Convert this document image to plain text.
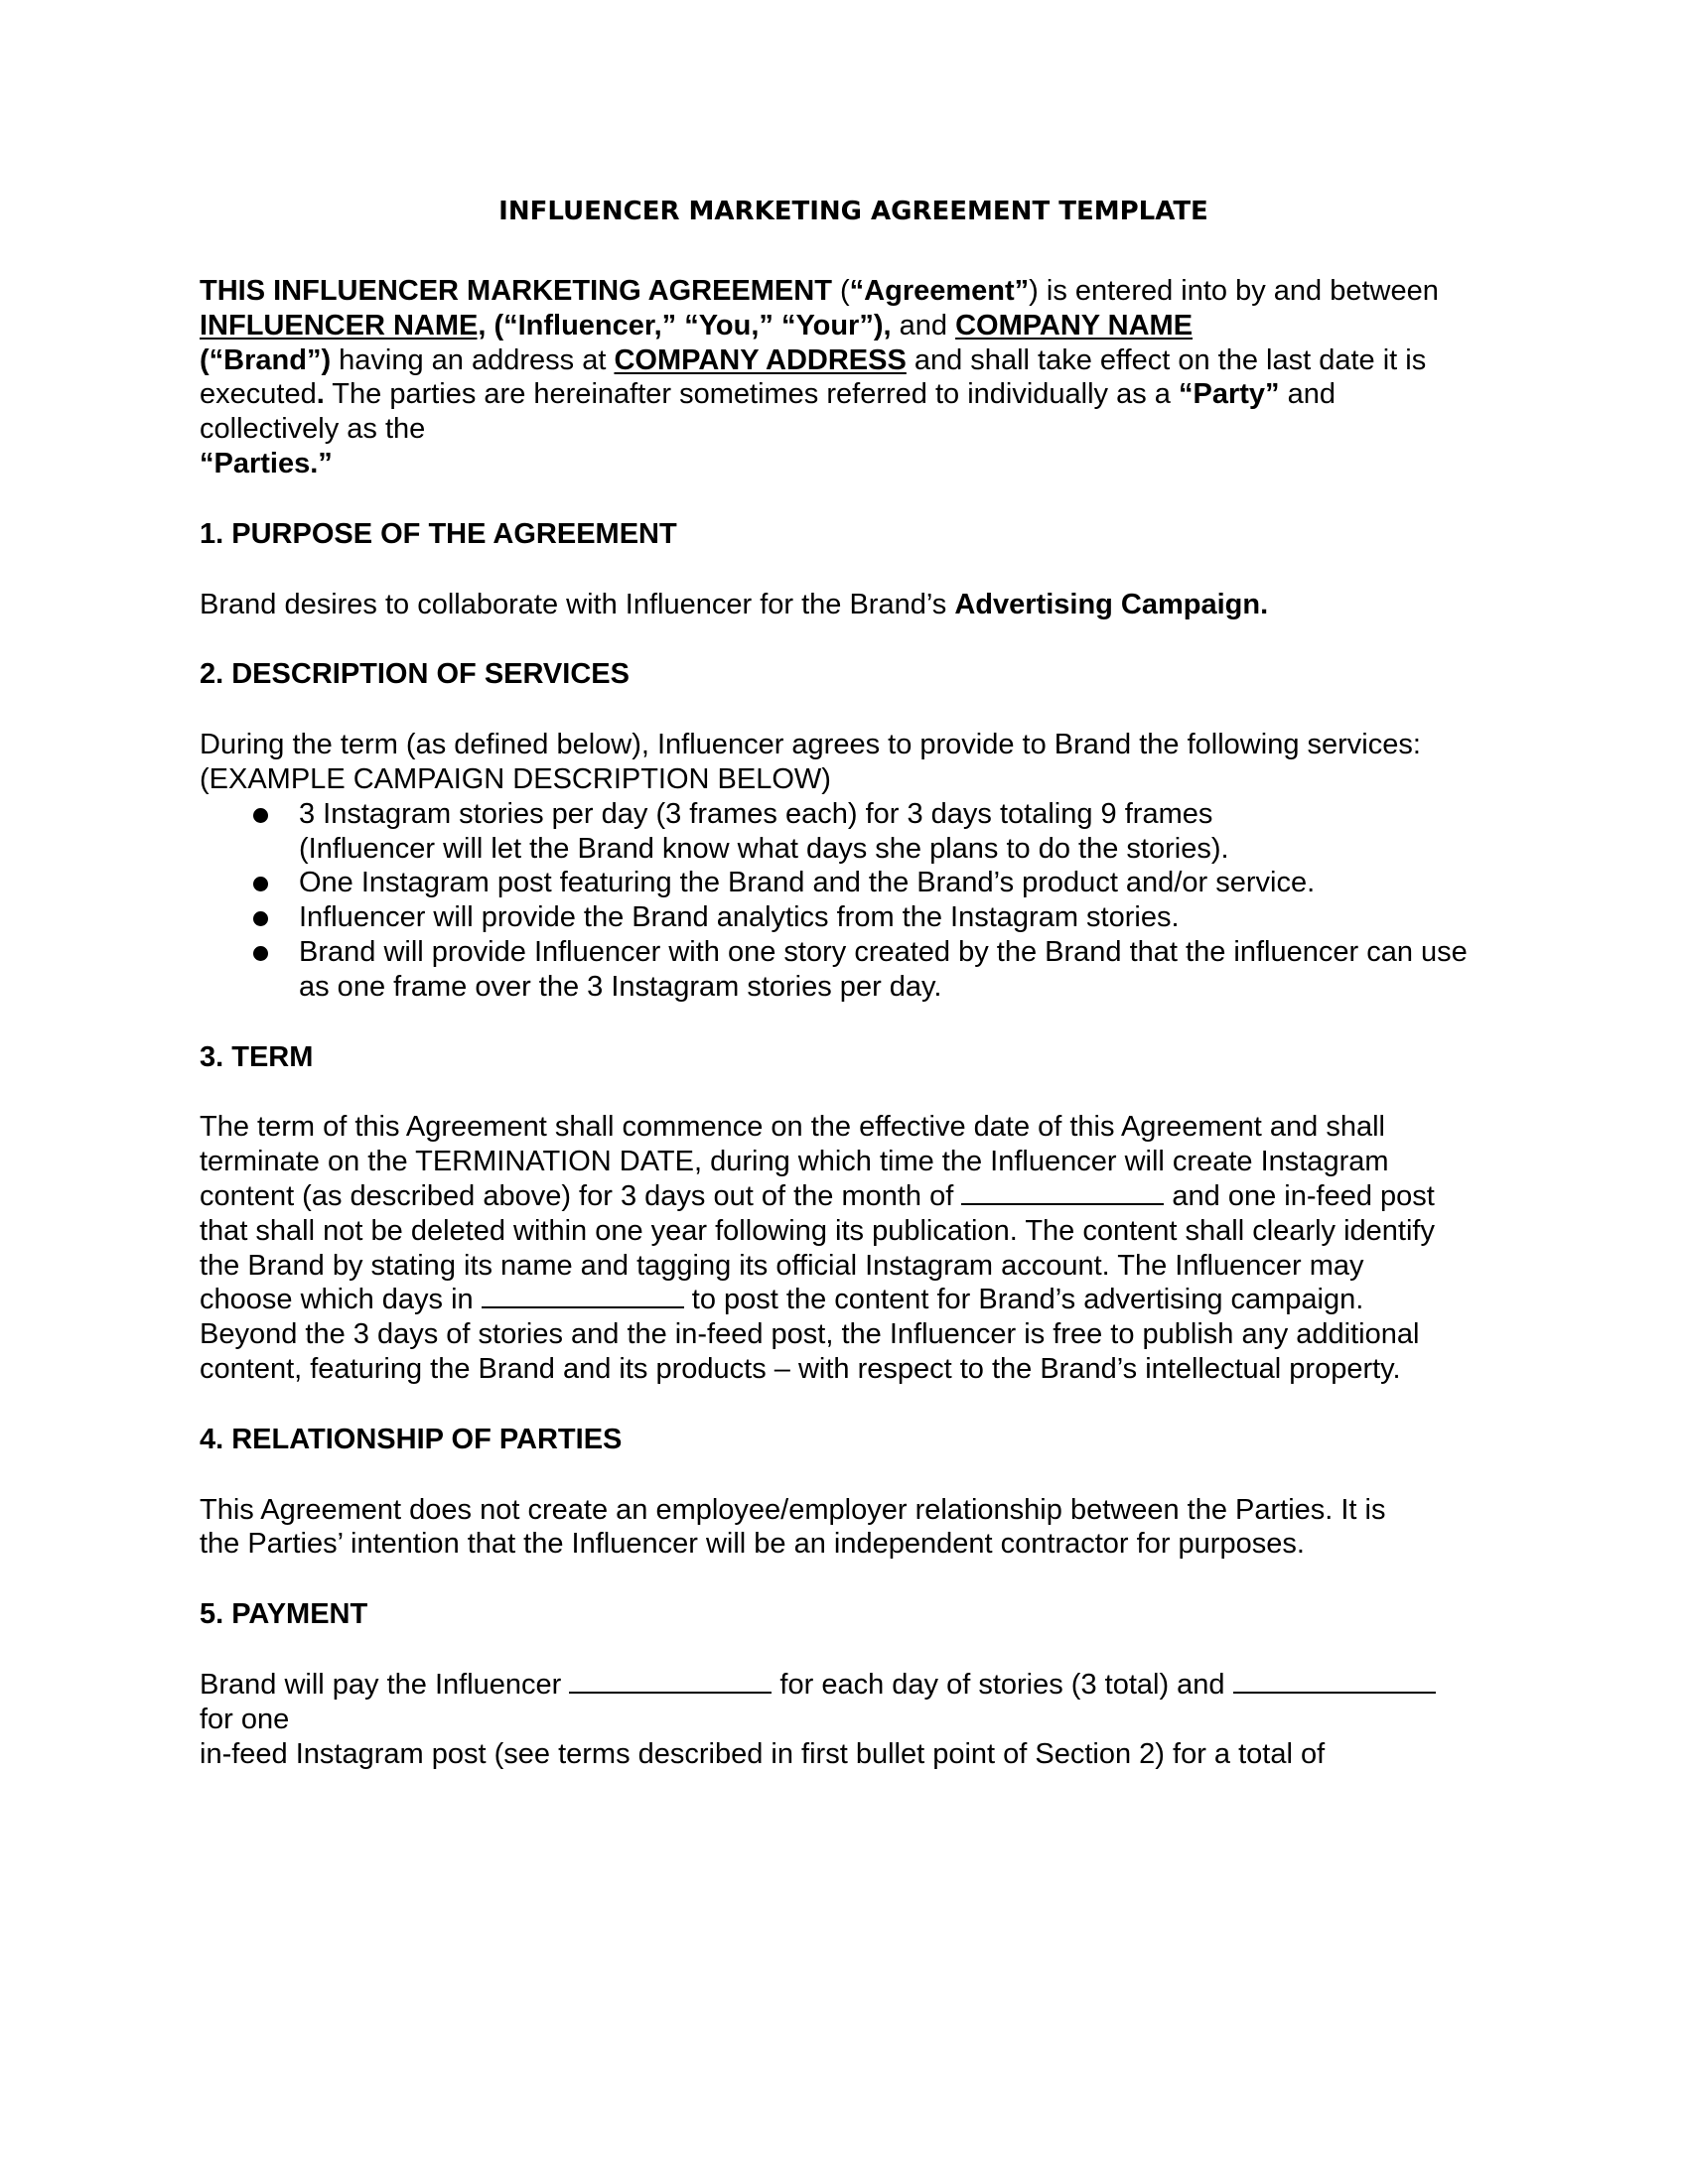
INFLUENCER MARKETING AGREEMENT TEMPLATE

THIS INFLUENCER MARKETING AGREEMENT (“Agreement”) is entered into by and between INFLUENCER NAME, (“Influencer,” “You,” “Your”), and COMPANY NAME
(“Brand”) having an address at COMPANY ADDRESS and shall take effect on the last date it is executed. The parties are hereinafter sometimes referred to individually as a “Party” and collectively as the
“Parties.”

1. PURPOSE OF THE AGREEMENT

Brand desires to collaborate with Influencer for the Brand’s Advertising Campaign.

2. DESCRIPTION OF SERVICES

During the term (as defined below), Influencer agrees to provide to Brand the following services:

(EXAMPLE CAMPAIGN DESCRIPTION BELOW)

3 Instagram stories per day (3 frames each) for 3 days totaling 9 frames (Influencer will let the Brand know what days she plans to do the stories).
One Instagram post featuring the Brand and the Brand’s product and/or service.
Influencer will provide the Brand analytics from the Instagram stories.
Brand will provide Influencer with one story created by the Brand that the influencer can use as one frame over the 3 Instagram stories per day.

3. TERM

The term of this Agreement shall commence on the effective date of this Agreement and shall terminate on the TERMINATION DATE, during which time the Influencer will create Instagram content (as described above) for 3 days out of the month of	and one in-feed post that shall not be deleted within one year following its publication. The content shall clearly identify the Brand by stating its name and tagging its official Instagram account. The Influencer may choose which days in	to post the content for Brand’s advertising campaign.

Beyond the 3 days of stories and the in-feed post, the Influencer is free to publish any additional content, featuring the Brand and its products – with respect to the Brand’s intellectual property.

4. RELATIONSHIP OF PARTIES

This Agreement does not create an employee/employer relationship between the Parties. It is the Parties’ intention that the Influencer will be an independent contractor for purposes.

5. PAYMENT

Brand will pay the Influencer	for each day of stories (3 total) and
for one
in-feed Instagram post (see terms described in first bullet point of Section 2) for a total of
